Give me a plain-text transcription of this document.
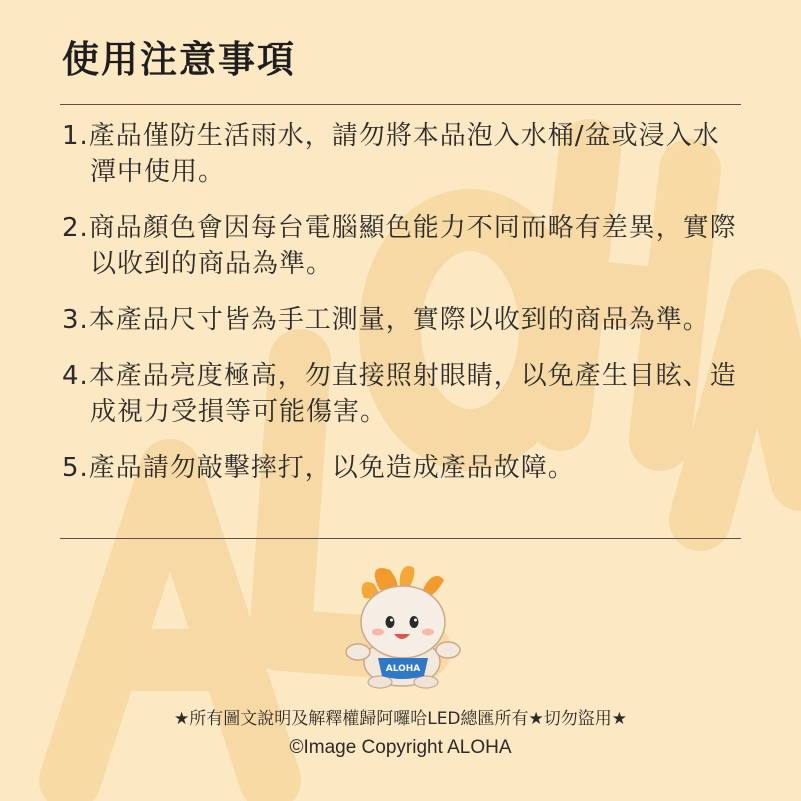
使用注意事項
1.產品僅防生活雨水，請勿將本品泡入水桶/盆或浸入水潭中使用。
2.商品顏色會因每台電腦顯色能力不同而略有差異，實際以收到的商品為準。
3.本產品尺寸皆為手工測量，實際以收到的商品為準。
4.本產品亮度極高，勿直接照射眼睛，以免產生目眩、造成視力受損等可能傷害。
5.產品請勿敲擊摔打，以免造成產品故障。
ALOHA
★所有圖文說明及解釋權歸阿囉哈LED總匯所有★切勿盜用★
©Image Copyright ALOHA
